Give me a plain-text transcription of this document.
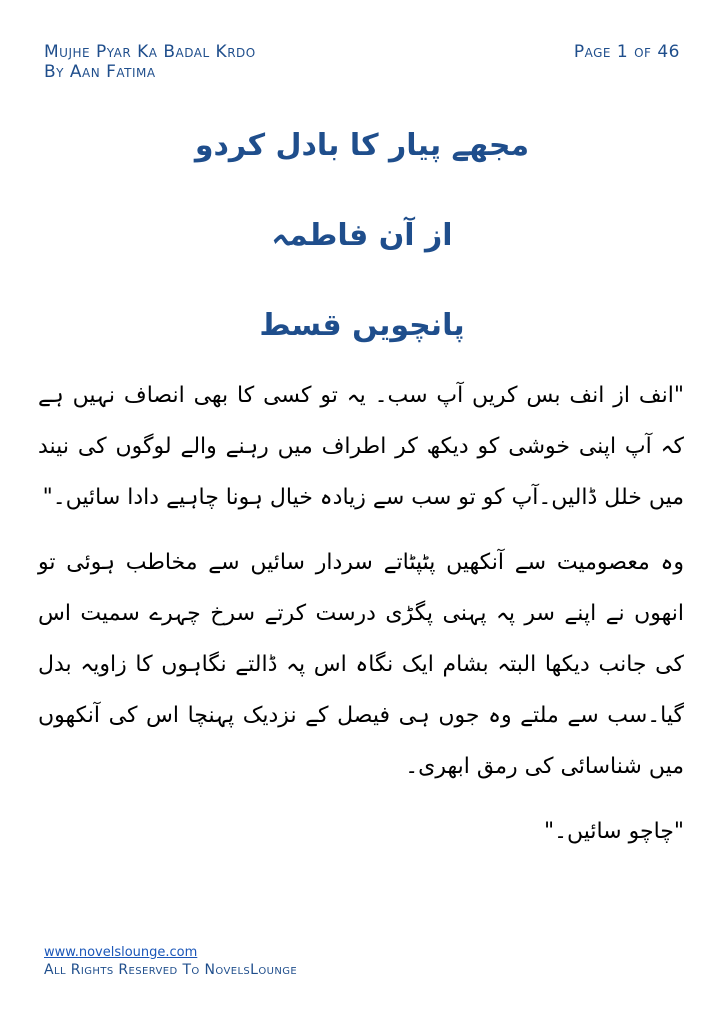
Mujhe Pyar Ka Badal Krdo
By Aan Fatima
Page 1 of 46
مجھے پیار کا بادل کردو
از آن فاطمہ
پانچویں قسط

"انف از انف بس کریں آپ سب۔ یہ تو کسی کا بھی انصاف نہیں ہے کہ آپ اپنی خوشی کو دیکھ کر اطراف میں رہنے والے لوگوں کی نیند میں خلل ڈالیں۔آپ کو تو سب سے زیادہ خیال ہونا چاہیے دادا سائیں۔"

وہ معصومیت سے آنکھیں پٹپٹاتے سردار سائیں سے مخاطب ہوئی تو انھوں نے اپنے سر پہ پہنی پگڑی درست کرتے سرخ چہرے سمیت اس کی جانب دیکھا البتہ بشام ایک نگاہ اس پہ ڈالتے نگاہوں کا زاویہ بدل گیا۔سب سے ملتے وہ جوں ہی فیصل کے نزدیک پہنچا اس کی آنکھوں میں شناسائی کی رمق ابھری۔

"چاچو سائیں۔"

www.novelslounge.com
All Rights Reserved To NovelsLounge
